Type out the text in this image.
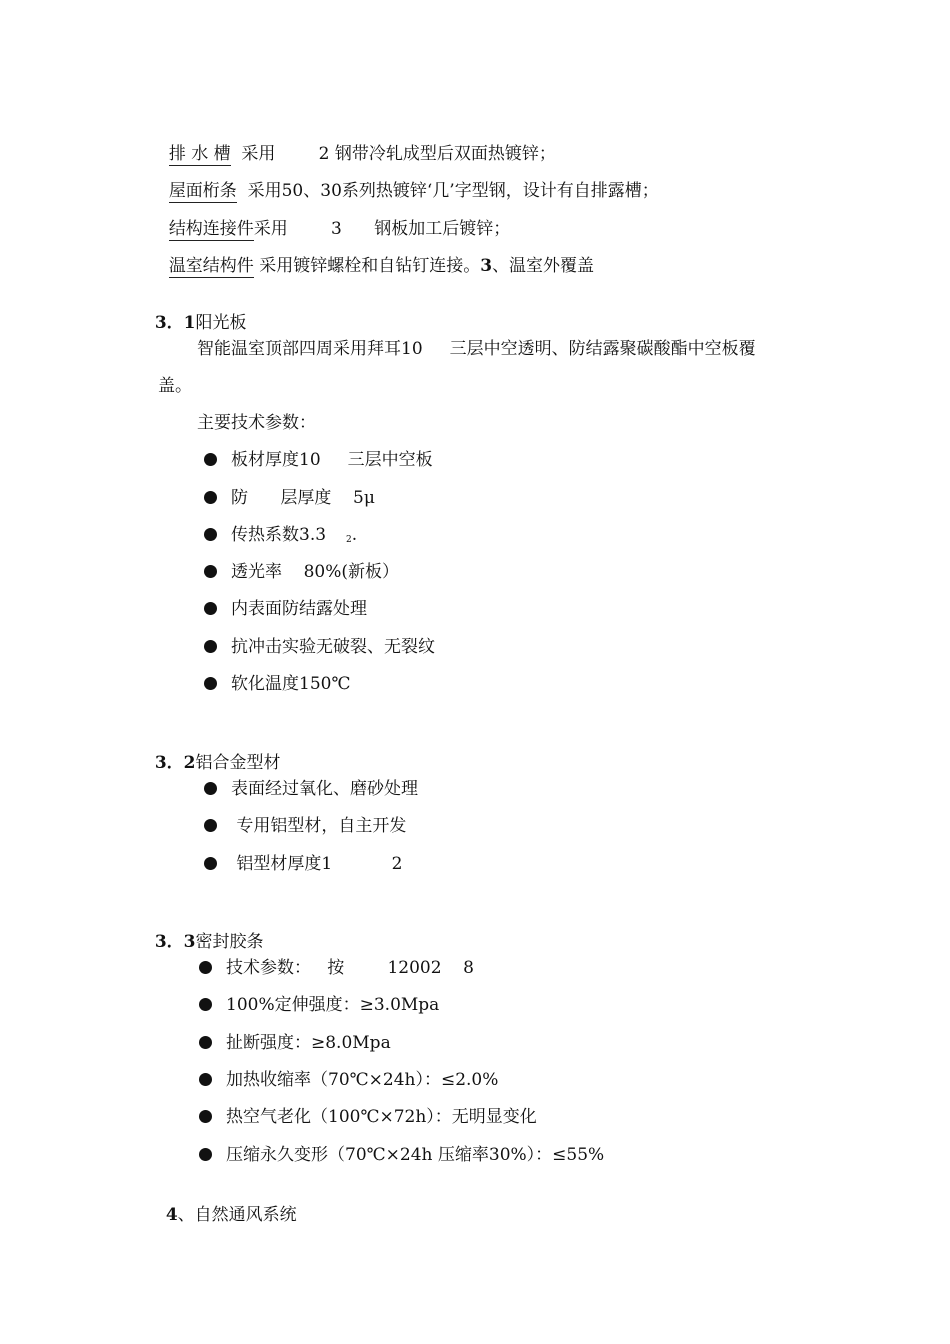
排 水 槽  采用        2 钢带冷轧成型后双面热镀锌；

屋面桁条  采用50、30系列热镀锌‘几’字型钢，设计有自排露槽；

结构连接件采用        3      钢板加工后镀锌；

温室结构件 采用镀锌螺栓和自钻钉连接。3、温室外覆盖

3．1阳光板

智能温室顶部四周采用拜耳10     三层中空透明、防结露聚碳酸酯中空板覆
盖。
主要技术参数：
板材厚度10     三层中空板
防      层厚度    5μ
传热系数3.3 $_2$.
透光率    80%(新板）
内表面防结露处理
抗冲击实验无破裂、无裂纹
软化温度150℃

3．2铝合金型材

表面经过氧化、磨砂处理
专用铝型材，自主开发
铝型材厚度1           2

3．3密封胶条

技术参数：   按        12002    8
100%定伸强度：≥3.0Mpa
扯断强度：≥8.0Mpa
加热收缩率（70℃×24h）：≤2.0%
热空气老化（100℃×72h）：无明显变化
压缩永久变形（70℃×24h 压缩率30%）：≤55%

4、自然通风系统
